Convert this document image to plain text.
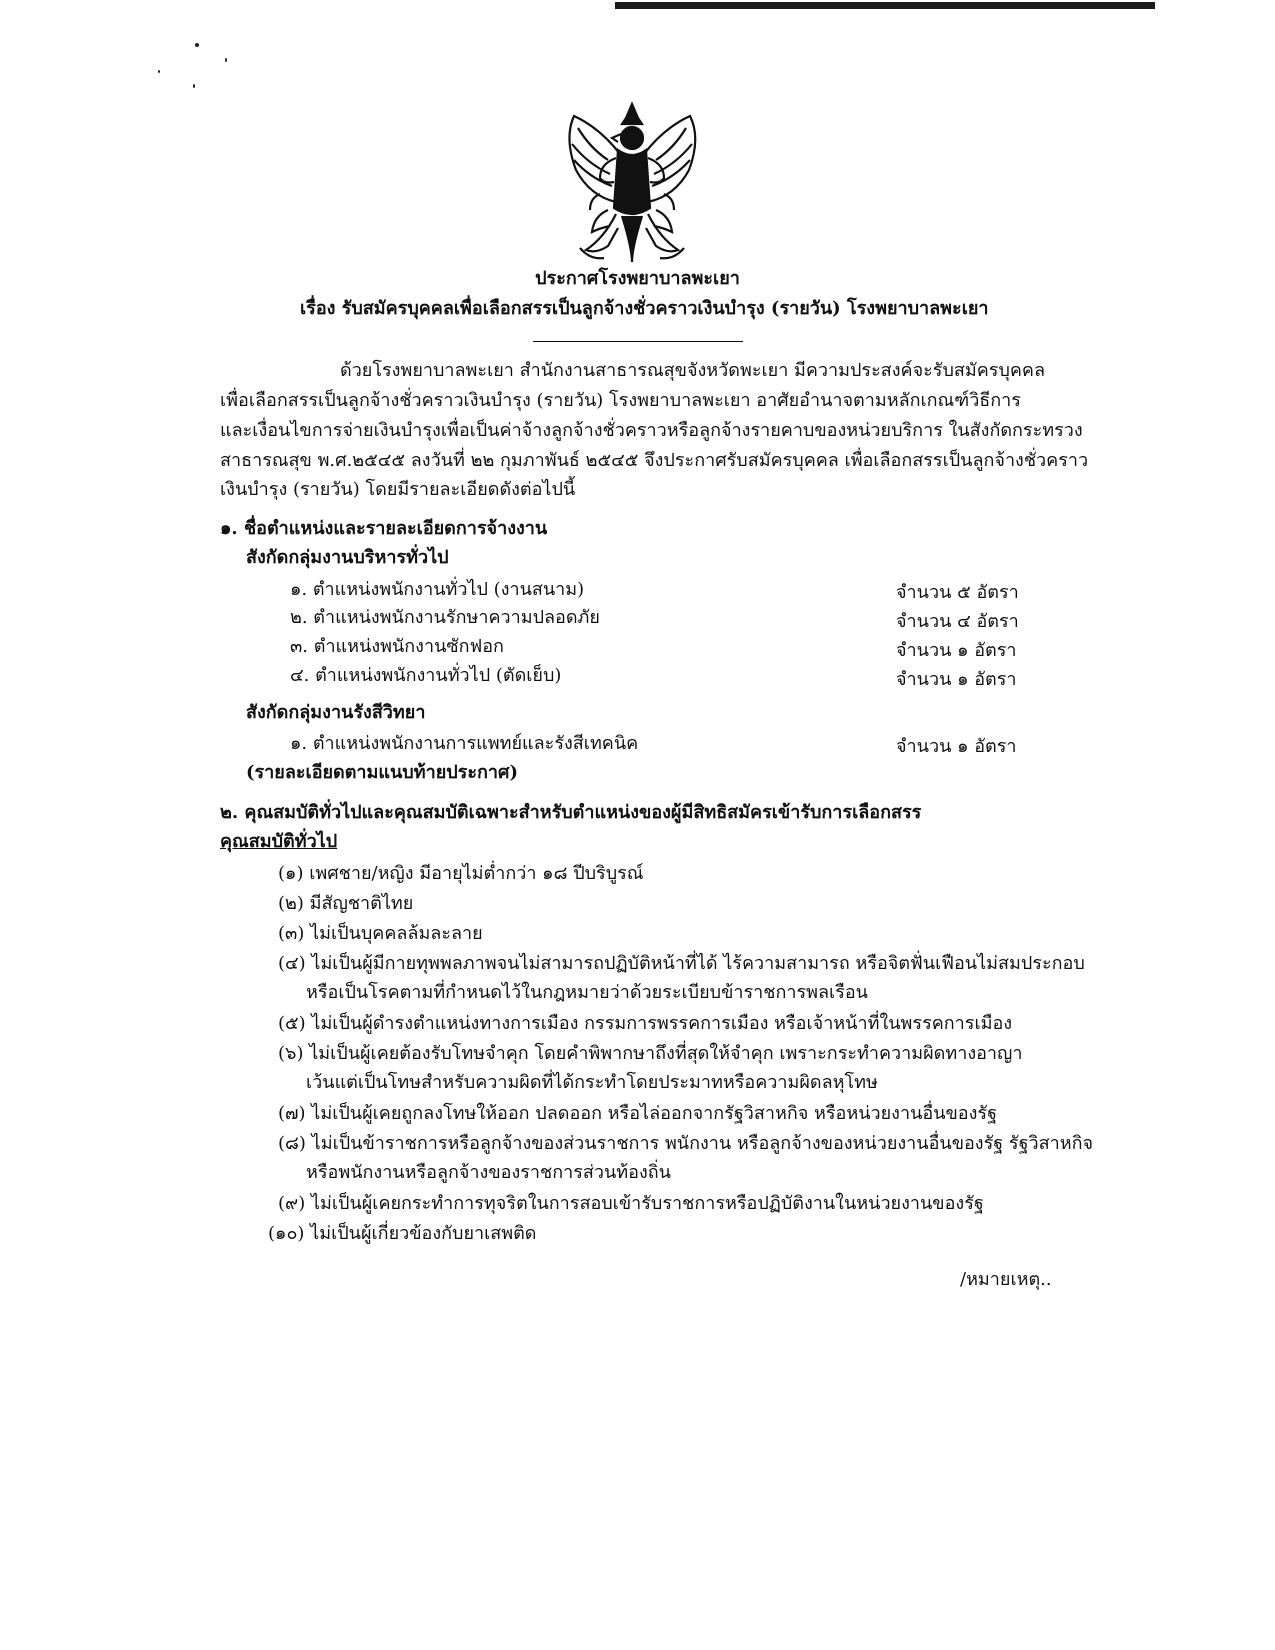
ประกาศโรงพยาบาลพะเยา
เรื่อง รับสมัครบุคคลเพื่อเลือกสรรเป็นลูกจ้างชั่วคราวเงินบำรุง (รายวัน) โรงพยาบาลพะเยา
ด้วยโรงพยาบาลพะเยา สำนักงานสาธารณสุขจังหวัดพะเยา มีความประสงค์จะรับสมัครบุคคล
เพื่อเลือกสรรเป็นลูกจ้างชั่วคราวเงินบำรุง (รายวัน) โรงพยาบาลพะเยา อาศัยอำนาจตามหลักเกณฑ์วิธีการ
และเงื่อนไขการจ่ายเงินบำรุงเพื่อเป็นค่าจ้างลูกจ้างชั่วคราวหรือลูกจ้างรายคาบของหน่วยบริการ ในสังกัดกระทรวง
สาธารณสุข พ.ศ.๒๕๔๕ ลงวันที่ ๒๒ กุมภาพันธ์ ๒๕๔๕ จึงประกาศรับสมัครบุคคล เพื่อเลือกสรรเป็นลูกจ้างชั่วคราว
เงินบำรุง (รายวัน) โดยมีรายละเอียดดังต่อไปนี้
๑. ชื่อตำแหน่งและรายละเอียดการจ้างงาน
สังกัดกลุ่มงานบริหารทั่วไป
๑. ตำแหน่งพนักงานทั่วไป (งานสนาม)	จำนวน ๕ อัตรา
๒. ตำแหน่งพนักงานรักษาความปลอดภัย	จำนวน ๔ อัตรา
๓. ตำแหน่งพนักงานซักฟอก	จำนวน ๑ อัตรา
๔. ตำแหน่งพนักงานทั่วไป (ตัดเย็บ)	จำนวน ๑ อัตรา
สังกัดกลุ่มงานรังสีวิทยา
๑. ตำแหน่งพนักงานการแพทย์และรังสีเทคนิค	จำนวน ๑ อัตรา
(รายละเอียดตามแนบท้ายประกาศ)
๒. คุณสมบัติทั่วไปและคุณสมบัติเฉพาะสำหรับตำแหน่งของผู้มีสิทธิสมัครเข้ารับการเลือกสรร
คุณสมบัติทั่วไป
(๑) เพศชาย/หญิง มีอายุไม่ต่ำกว่า ๑๘ ปีบริบูรณ์
(๒) มีสัญชาติไทย
(๓) ไม่เป็นบุคคลล้มละลาย
(๔) ไม่เป็นผู้มีกายทุพพลภาพจนไม่สามารถปฏิบัติหน้าที่ได้ ไร้ความสามารถ หรือจิตฟั่นเฟือนไม่สมประกอบ
หรือเป็นโรคตามที่กำหนดไว้ในกฎหมายว่าด้วยระเบียบข้าราชการพลเรือน
(๕) ไม่เป็นผู้ดำรงตำแหน่งทางการเมือง กรรมการพรรคการเมือง หรือเจ้าหน้าที่ในพรรคการเมือง
(๖) ไม่เป็นผู้เคยต้องรับโทษจำคุก โดยคำพิพากษาถึงที่สุดให้จำคุก เพราะกระทำความผิดทางอาญา
เว้นแต่เป็นโทษสำหรับความผิดที่ได้กระทำโดยประมาทหรือความผิดลหุโทษ
(๗) ไม่เป็นผู้เคยถูกลงโทษให้ออก ปลดออก หรือไล่ออกจากรัฐวิสาหกิจ หรือหน่วยงานอื่นของรัฐ
(๘) ไม่เป็นข้าราชการหรือลูกจ้างของส่วนราชการ พนักงาน หรือลูกจ้างของหน่วยงานอื่นของรัฐ รัฐวิสาหกิจ
หรือพนักงานหรือลูกจ้างของราชการส่วนท้องถิ่น
(๙) ไม่เป็นผู้เคยกระทำการทุจริตในการสอบเข้ารับราชการหรือปฏิบัติงานในหน่วยงานของรัฐ
(๑๐) ไม่เป็นผู้เกี่ยวข้องกับยาเสพติด
/หมายเหตุ..
